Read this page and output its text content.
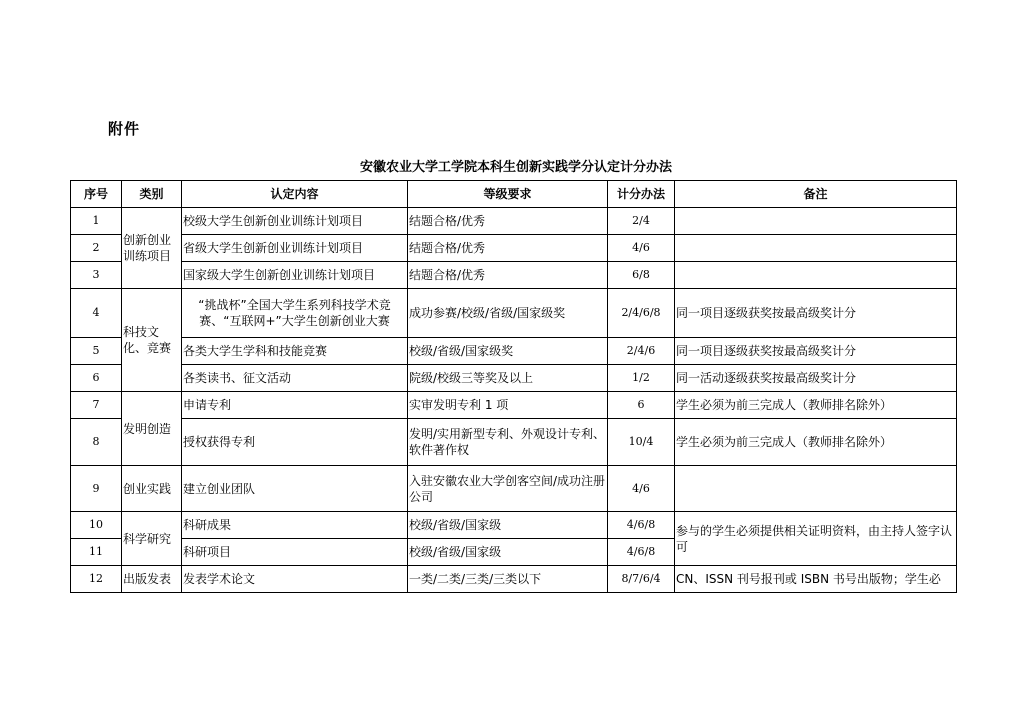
附件
安徽农业大学工学院本科生创新实践学分认定计分办法
序号	类别	认定内容	等级要求	计分办法	备注
1	创新创业训练项目	校级大学生创新创业训练计划项目	结题合格/优秀	2/4	
2		省级大学生创新创业训练计划项目	结题合格/优秀	4/6	
3		国家级大学生创新创业训练计划项目	结题合格/优秀	6/8	
4	科技文化、竞赛	“挑战杯”全国大学生系列科技学术竞赛、“互联网+”大学生创新创业大赛	成功参赛/校级/省级/国家级奖	2/4/6/8	同一项目逐级获奖按最高级奖计分
5		各类大学生学科和技能竞赛	校级/省级/国家级奖	2/4/6	同一项目逐级获奖按最高级奖计分
6		各类读书、征文活动	院级/校级三等奖及以上	1/2	同一活动逐级获奖按最高级奖计分
7	发明创造	申请专利	实审发明专利 1 项	6	学生必须为前三完成人（教师排名除外）
8		授权获得专利	发明/实用新型专利、外观设计专利、软件著作权	10/4	学生必须为前三完成人（教师排名除外）
9	创业实践	建立创业团队	入驻安徽农业大学创客空间/成功注册公司	4/6	
10	科学研究	科研成果	校级/省级/国家级	4/6/8	参与的学生必须提供相关证明资料，由主持人签字认可
11		科研项目	校级/省级/国家级	4/6/8	
12	出版发表	发表学术论文	一类/二类/三类/三类以下	8/7/6/4	CN、ISSN 刊号报刊或 ISBN 书号出版物；学生必
